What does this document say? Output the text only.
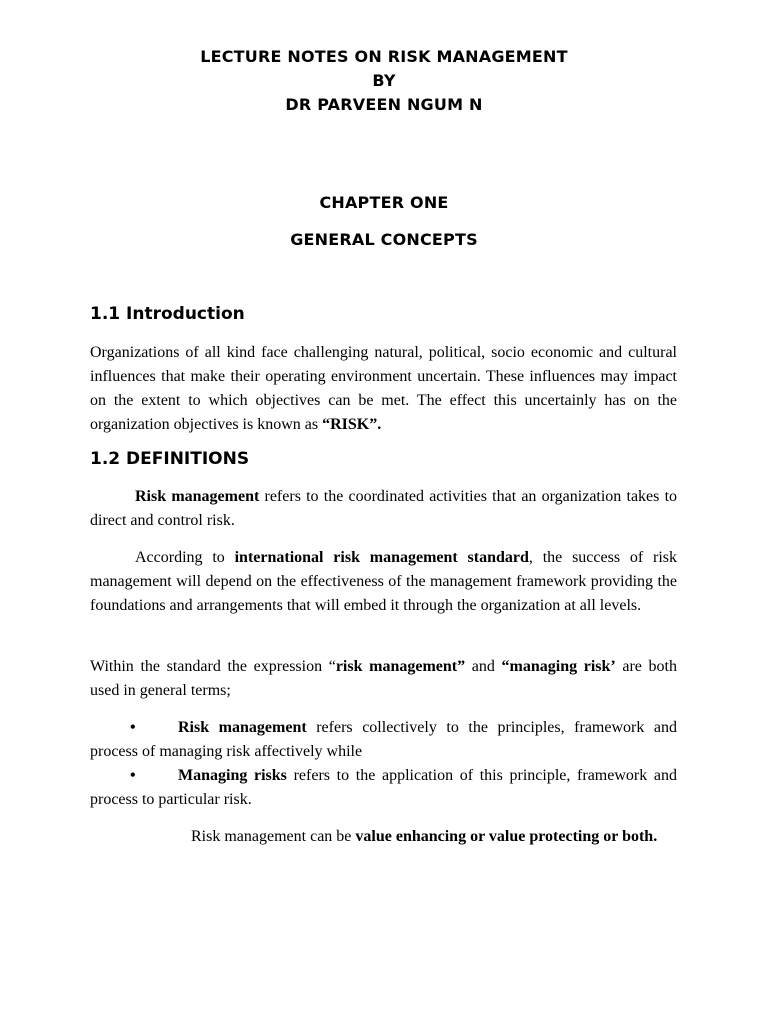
LECTURE NOTES ON RISK MANAGEMENT
BY
DR PARVEEN NGUM N
CHAPTER ONE
GENERAL CONCEPTS
1.1 Introduction

Organizations of all kind face challenging natural, political, socio economic and cultural influences that make their operating environment uncertain. These influences may impact on the extent to which objectives can be met. The effect this uncertainly has on the organization objectives is known as “RISK”.

1.2 DEFINITIONS

Risk management refers to the coordinated activities that an organization takes to direct and control risk.

According to international risk management standard, the success of risk management will depend on the effectiveness of the management framework providing the foundations and arrangements that will embed it through the organization at all levels.

Within the standard the expression “risk management” and “managing risk’ are both used in general terms;

•	Risk management refers collectively to the principles, framework and process of managing risk affectively while

•	Managing risks refers to the application of this principle, framework and process to particular risk.

Risk management can be value enhancing or value protecting or both.
